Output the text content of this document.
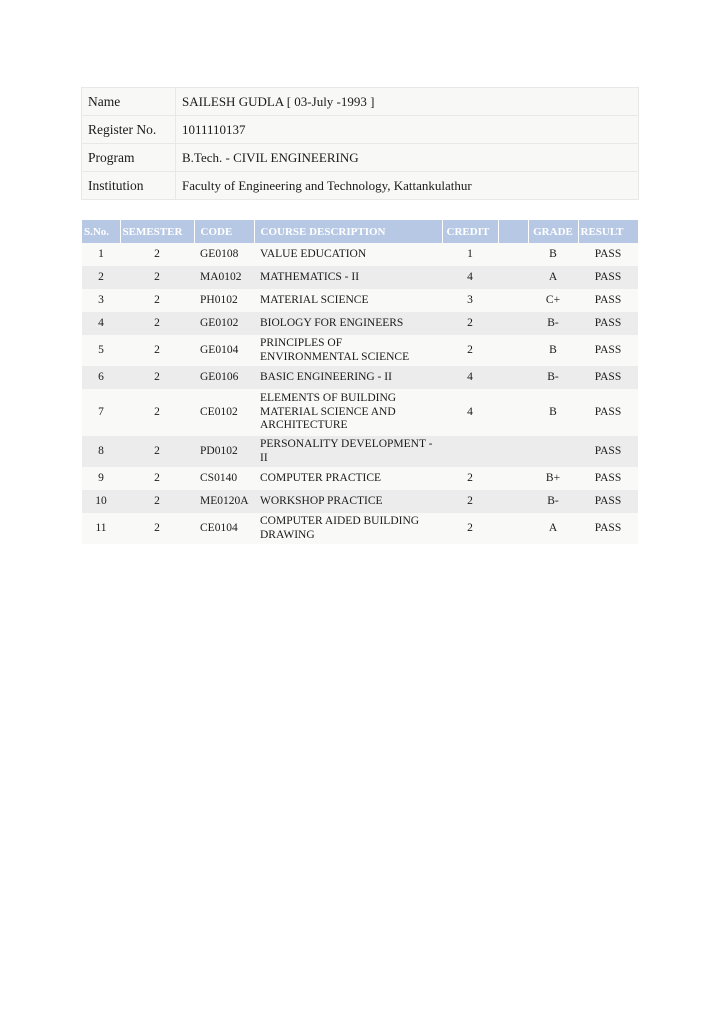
Name	SAILESH GUDLA [ 03-July -1993 ]
Register No.	1011110137
Program	B.Tech. - CIVIL ENGINEERING
Institution	Faculty of Engineering and Technology, Kattankulathur
S.No.	SEMESTER	CODE	COURSE DESCRIPTION	CREDIT		GRADE	RESULT
1	2	GE0108	VALUE EDUCATION	1		B	PASS
2	2	MA0102	MATHEMATICS - II	4		A	PASS
3	2	PH0102	MATERIAL SCIENCE	3		C+	PASS
4	2	GE0102	BIOLOGY FOR ENGINEERS	2		B-	PASS
5	2	GE0104	PRINCIPLES OF ENVIRONMENTAL SCIENCE	2		B	PASS
6	2	GE0106	BASIC ENGINEERING - II	4		B-	PASS
7	2	CE0102	ELEMENTS OF BUILDING MATERIAL SCIENCE AND ARCHITECTURE	4		B	PASS
8	2	PD0102	PERSONALITY DEVELOPMENT - II				PASS
9	2	CS0140	COMPUTER PRACTICE	2		B+	PASS
10	2	ME0120A	WORKSHOP PRACTICE	2		B-	PASS
11	2	CE0104	COMPUTER AIDED BUILDING DRAWING	2		A	PASS
